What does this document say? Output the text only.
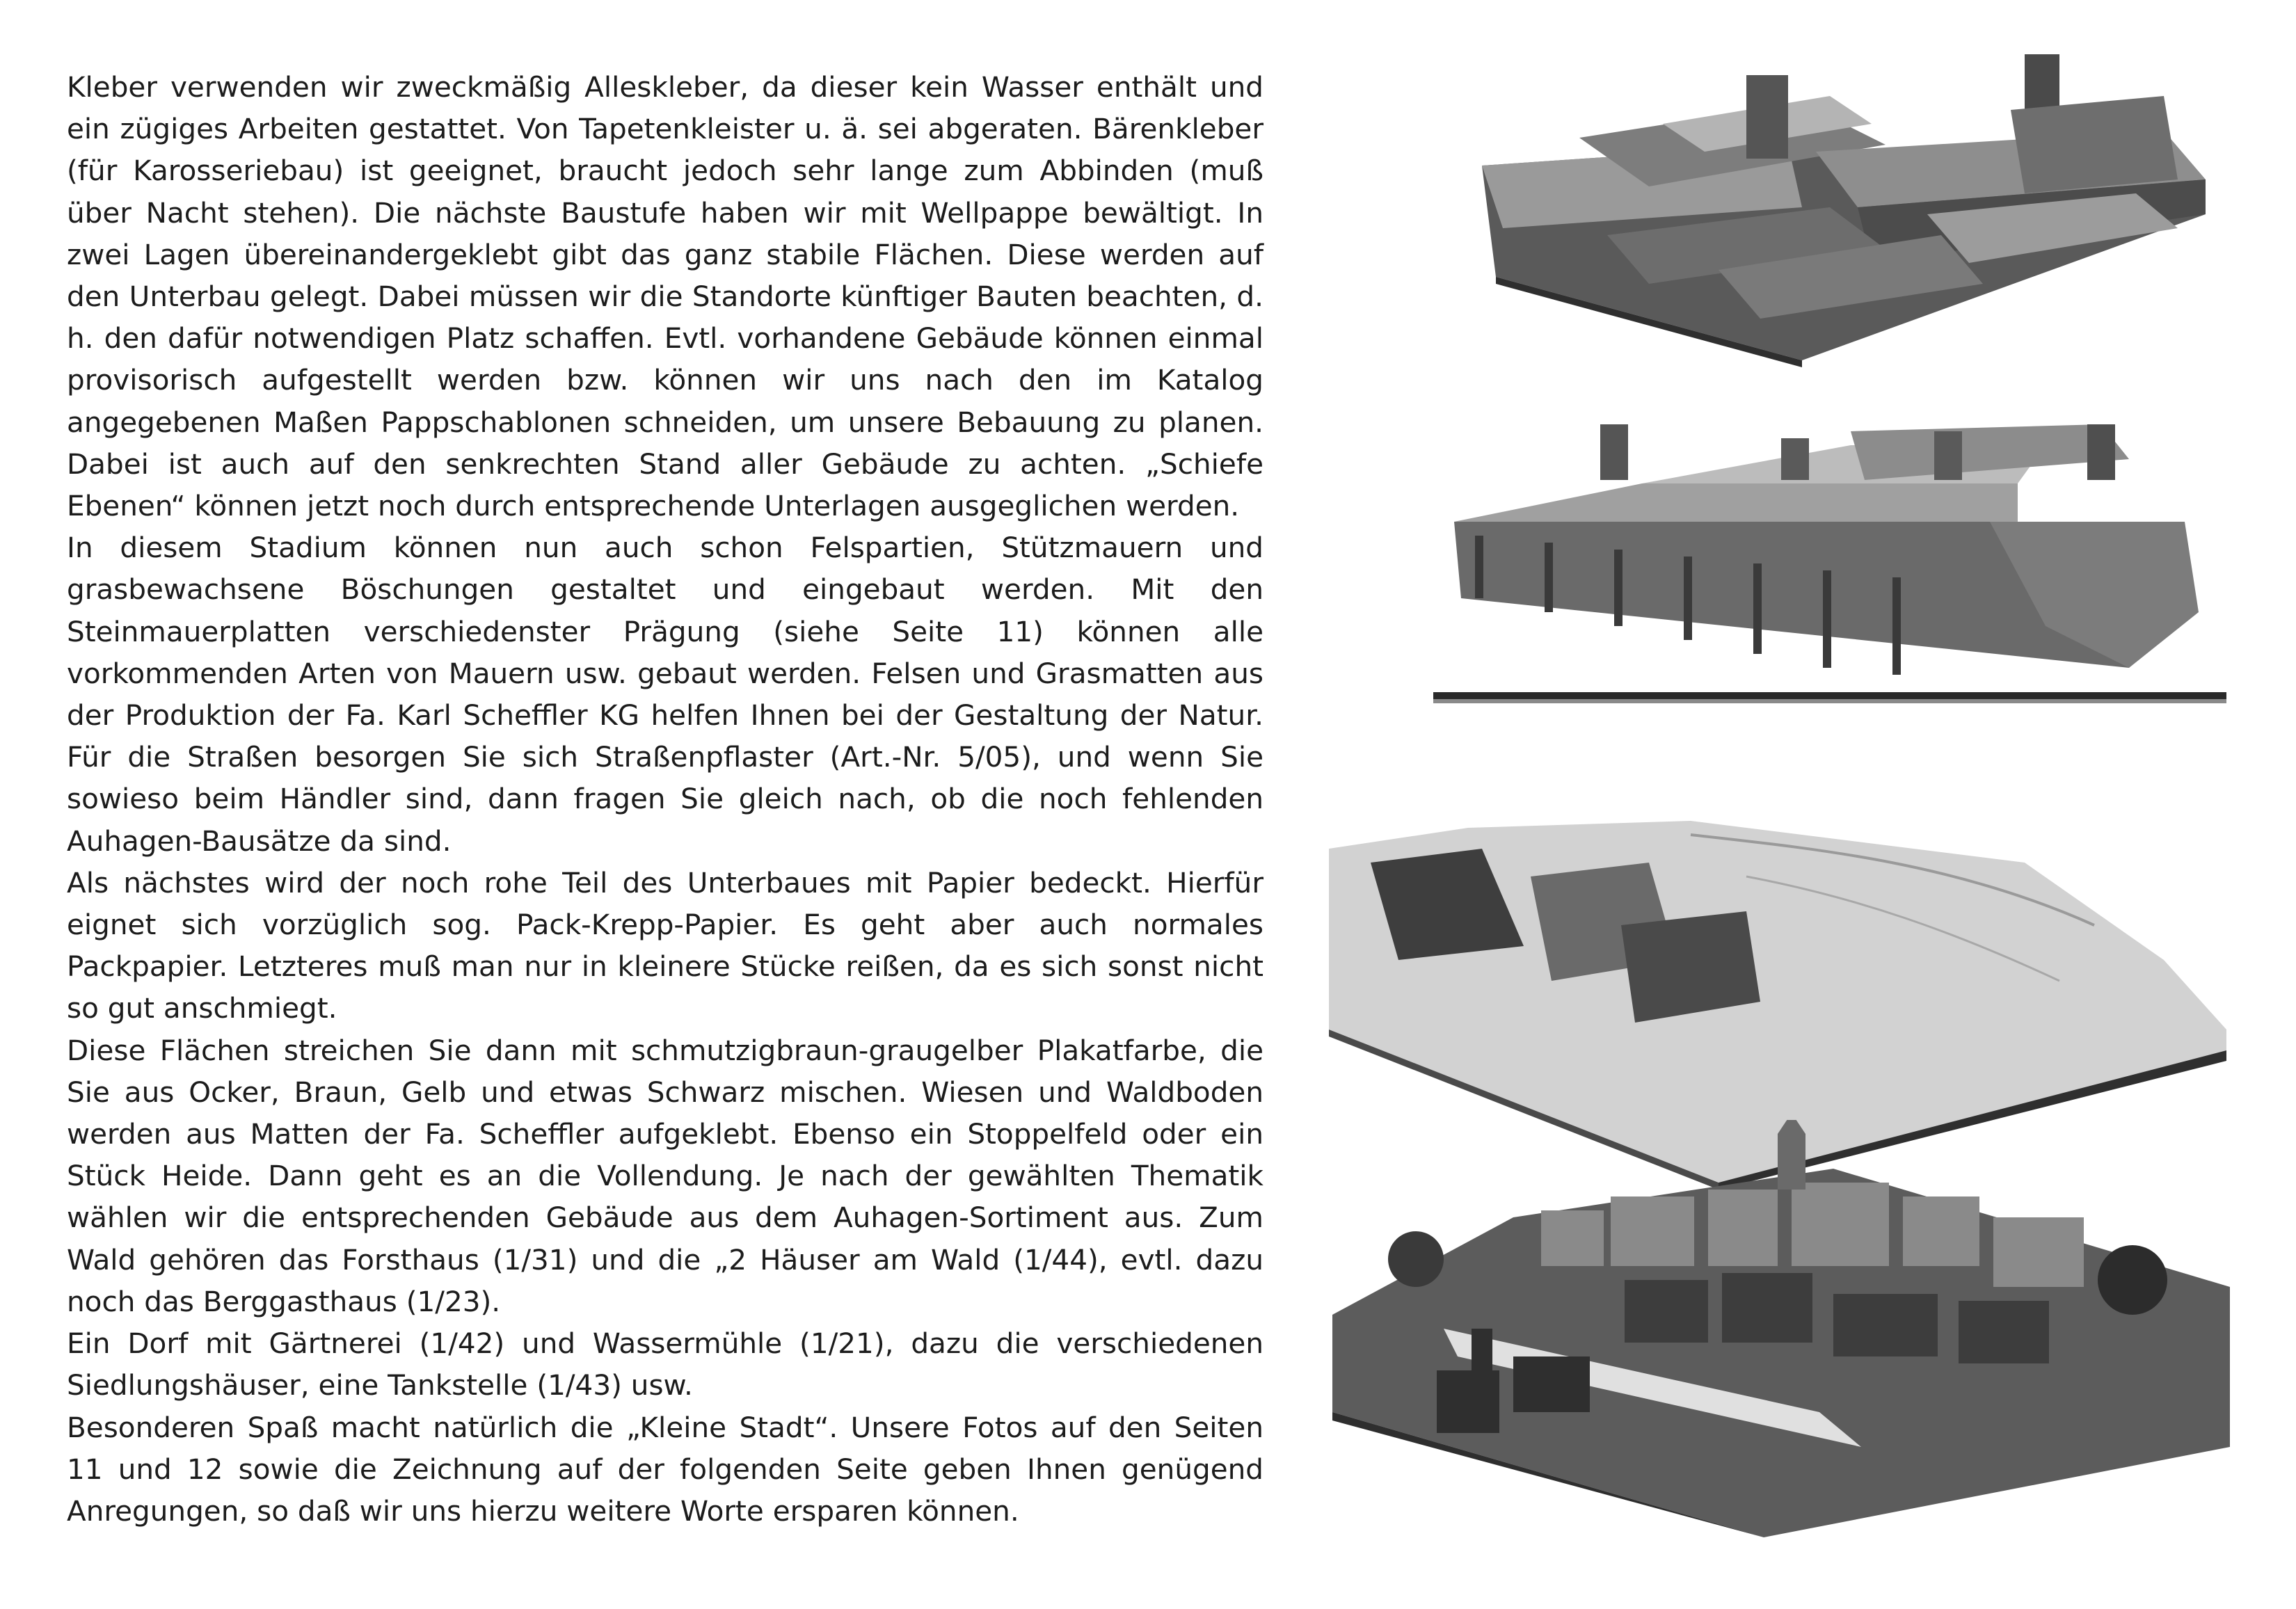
Kleber verwenden wir zweckmäßig Alleskleber, da dieser kein Wasser enthält und ein zügiges Arbeiten gestattet. Von Tapetenkleister u. ä. sei abgeraten. Bärenkleber (für Karosseriebau) ist geeignet, braucht jedoch sehr lange zum Abbinden (muß über Nacht stehen). Die nächste Baustufe haben wir mit Wellpappe bewältigt. In zwei Lagen übereinandergeklebt gibt das ganz stabile Flächen. Diese werden auf den Unterbau gelegt. Dabei müssen wir die Standorte künftiger Bauten beachten, d. h. den dafür notwendigen Platz schaffen. Evtl. vorhandene Gebäude können einmal provisorisch aufgestellt werden bzw. können wir uns nach den im Katalog angegebenen Maßen Pappschablonen schneiden, um unsere Bebauung zu planen. Dabei ist auch auf den senkrechten Stand aller Gebäude zu achten. „Schiefe Ebenen“ können jetzt noch durch entsprechende Unterlagen ausgeglichen werden.

In diesem Stadium können nun auch schon Felspartien, Stützmauern und grasbewachsene Böschungen gestaltet und eingebaut werden. Mit den Steinmauerplatten verschiedenster Prägung (siehe Seite 11) können alle vorkommenden Arten von Mauern usw. gebaut werden. Felsen und Grasmatten aus der Produktion der Fa. Karl Scheffler KG helfen Ihnen bei der Gestaltung der Natur. Für die Straßen besorgen Sie sich Straßenpflaster (Art.-Nr. 5/05), und wenn Sie sowieso beim Händler sind, dann fragen Sie gleich nach, ob die noch fehlenden Auhagen-Bausätze da sind.

Als nächstes wird der noch rohe Teil des Unterbaues mit Papier bedeckt. Hierfür eignet sich vorzüglich sog. Pack-Krepp-Papier. Es geht aber auch normales Packpapier. Letzteres muß man nur in kleinere Stücke reißen, da es sich sonst nicht so gut anschmiegt.

Diese Flächen streichen Sie dann mit schmutzigbraun-graugelber Plakatfarbe, die Sie aus Ocker, Braun, Gelb und etwas Schwarz mischen. Wiesen und Waldboden werden aus Matten der Fa. Scheffler aufgeklebt. Ebenso ein Stoppelfeld oder ein Stück Heide. Dann geht es an die Vollendung. Je nach der gewählten Thematik wählen wir die entsprechenden Gebäude aus dem Auhagen-Sortiment aus. Zum Wald gehören das Forsthaus (1/31) und die „2 Häuser am Wald (1/44), evtl. dazu noch das Berggasthaus (1/23).

Ein Dorf mit Gärtnerei (1/42) und Wassermühle (1/21), dazu die verschiedenen Siedlungshäuser, eine Tankstelle (1/43) usw.

Besonderen Spaß macht natürlich die „Kleine Stadt“. Unsere Fotos auf den Seiten 11 und 12 sowie die Zeichnung auf der folgenden Seite geben Ihnen genügend Anregungen, so daß wir uns hierzu weitere Worte ersparen können.
